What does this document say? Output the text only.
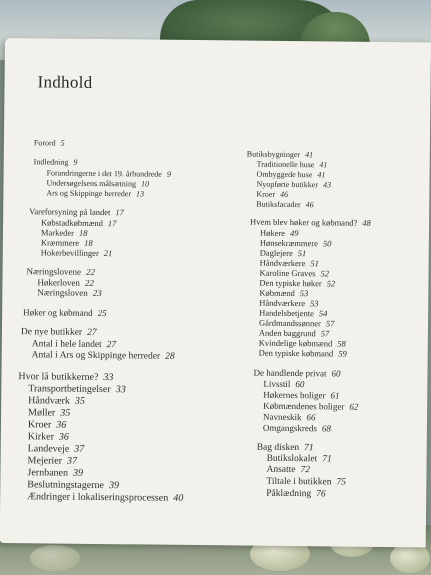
Indhold
Forord 5
Indledning 9
Forandringerne i det 19. århundrede 9
Undersøgelsens målsætning 10
Ars og Skippinge herreder 13
Vareforsyning på landet 17
Købstadkøbmænd 17
Markeder 18
Kræmmere 18
Hokerbevillinger 21
Næringslovene 22
Høkerloven 22
Næringsloven 23
Høker og købmand 25
De nye butikker 27
Antal i hele landet 27
Antal i Ars og Skippinge herreder 28
Hvor lå butikkerne? 33
Transportbetingelser 33
Håndværk 35
Møller 35
Kroer 36
Kirker 36
Landeveje 37
Mejerier 37
Jernbanen 39
Beslutningstagerne 39
Ændringer i lokaliseringsprocessen 40
Butiksbygninger 41
Traditionelle huse 41
Ombyggede huse 41
Nyopførte butikker 43
Kroer 46
Butiksfacader 46
Hvem blev høker og købmand? 48
Høkere 49
Hønsekræmmere 50
Daglejere 51
Håndværkere 51
Karoline Graves 52
Den typiske høker 52
Købmænd 53
Håndværkere 53
Handelsbetjente 54
Gårdmandssønner 57
Anden baggrund 57
Kvindelige købmænd 58
Den typiske købmand 59
De handlende privat 60
Livsstil 60
Høkernes boliger 61
Købmændenes boliger 62
Navneskik 66
Omgangskreds 68
Bag disken 71
Butikslokalet 71
Ansatte 72
Tiltale i butikken 75
Påklædning 76
